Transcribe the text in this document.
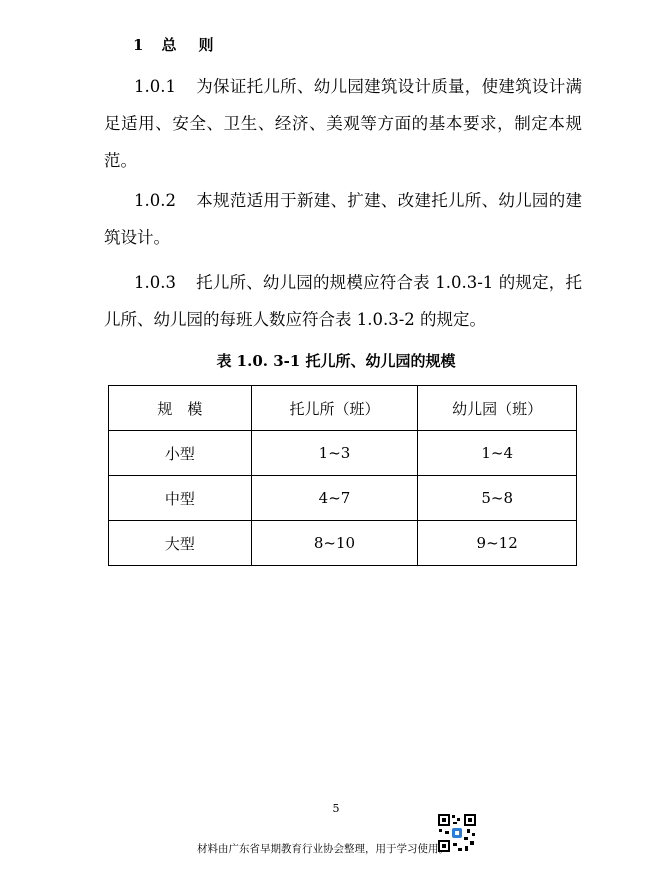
1 总 则
1.0.1 为保证托儿所、幼儿园建筑设计质量，使建筑设计满足适用、安全、卫生、经济、美观等方面的基本要求，制定本规范。
1.0.2 本规范适用于新建、扩建、改建托儿所、幼儿园的建筑设计。
1.0.3 托儿所、幼儿园的规模应符合表 1.0.3-1 的规定，托儿所、幼儿园的每班人数应符合表 1.0.3-2 的规定。
表 1.0. 3-1 托儿所、幼儿园的规模
规　模	托儿所（班）	幼儿园（班）
小型	1~3	1~4
中型	4~7	5~8
大型	8~10	9~12
5
材料由广东省早期教育行业协会整理，用于学习使用。
